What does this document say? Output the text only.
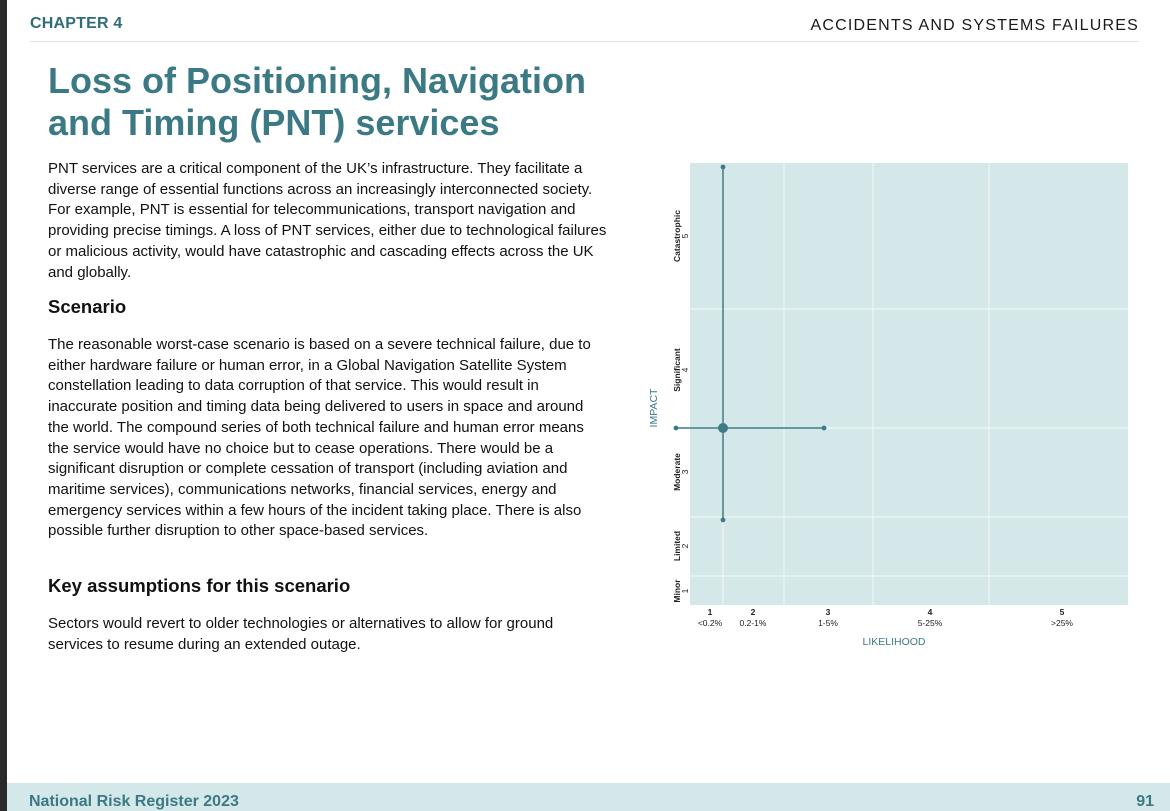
CHAPTER 4	ACCIDENTS AND SYSTEMS FAILURES
Loss of Positioning, Navigation
and Timing (PNT) services

PNT services are a critical component of the UK’s infrastructure. They facilitate a diverse range of essential functions across an increasingly interconnected society. For example, PNT is essential for telecommunications, transport navigation and providing precise timings. A loss of PNT services, either due to technological failures or malicious activity, would have catastrophic and cascading effects across the UK and globally.

Scenario

The reasonable worst-case scenario is based on a severe technical failure, due to either hardware failure or human error, in a Global Navigation Satellite System constellation leading to data corruption of that service. This would result in inaccurate position and timing data being delivered to users in space and around the world. The compound series of both technical failure and human error means the service would have no choice but to cease operations. There would be a significant disruption or complete cessation of transport (including aviation and maritime services), communications networks, financial services, energy and emergency services within a few hours of the incident taking place. There is also possible further disruption to other space-based services.

Key assumptions for this scenario

Sectors would revert to older technologies or alternatives to allow for ground services to resume during an extended outage.

1
<0.2%
2
0.2-1%
3
1-5%
4
5-25%
5
>25%
Minor
1
Limited
2
Moderate
3
Significant
4
Catastrophic
5
LIKELIHOOD
IMPACT
National Risk Register 2023	91
